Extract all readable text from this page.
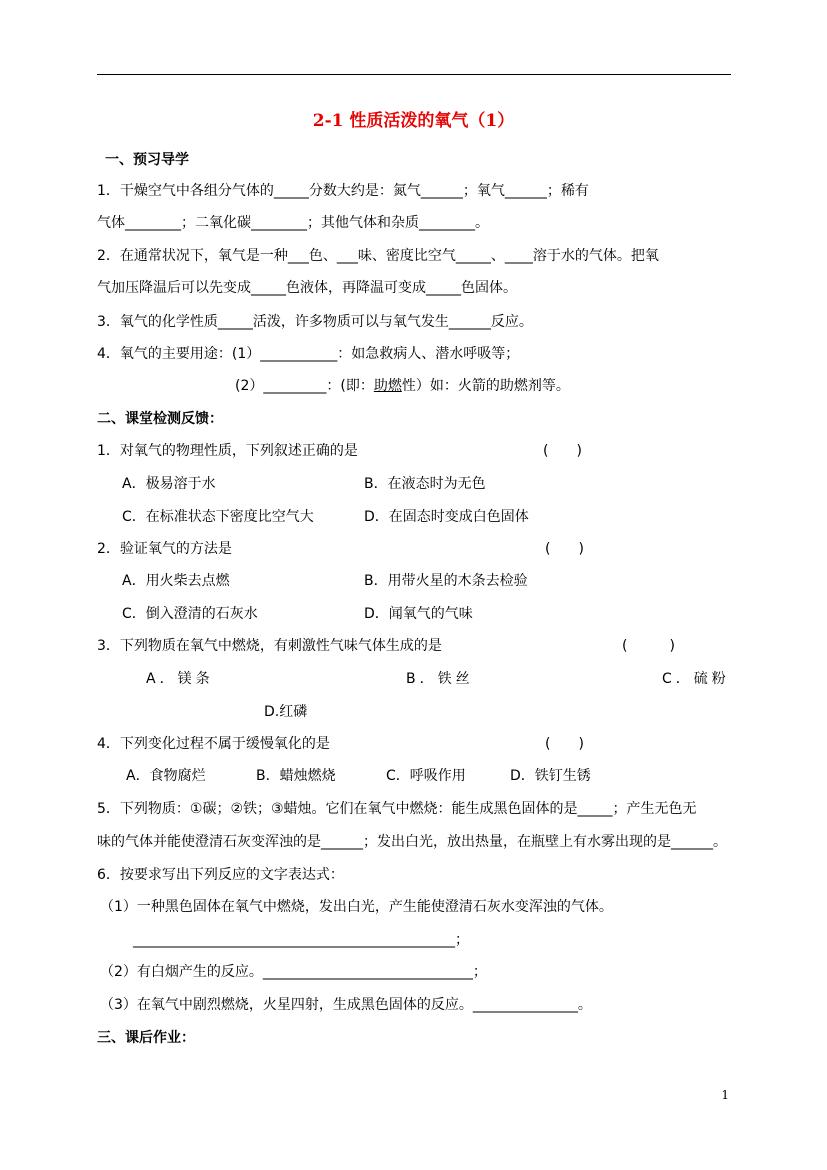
2-1 性质活泼的氧气（1）
一、预习导学
1．干燥空气中各组分气体的_____分数大约是：氮气______；氧气______；稀有
气体________；二氧化碳________；其他气体和杂质________。
2．在通常状况下，氧气是一种___色、___味、密度比空气_____、____溶于水的气体。把氧
气加压降温后可以先变成_____色液体，再降温可变成_____色固体。
3．氧气的化学性质_____活泼，许多物质可以与氧气发生______反应。
4．氧气的主要用途：(1）___________：如急救病人、潜水呼吸等；
(2）_________：(即：助燃性）如：火箭的助燃剂等。
二、课堂检测反馈：
1．对氧气的物理性质，下列叙述正确的是	(　　)
A．极易溶于水	B．在液态时为无色
C．在标准状态下密度比空气大	D．在固态时变成白色固体
2．验证氧气的方法是	(　　)
A．用火柴去点燃	B．用带火星的木条去检验
C．倒入澄清的石灰水	D．闻氧气的气味
3．下列物质在氧气中燃烧，有刺激性气味气体生成的是	(　　　)
A．镁条	B．铁丝	C．硫粉
D.红磷
4．下列变化过程不属于缓慢氧化的是	(　　)
A．食物腐烂	B．蜡烛燃烧	C．呼吸作用	D．铁钉生锈
5．下列物质：①碳；②铁；③蜡烛。它们在氧气中燃烧：能生成黑色固体的是_____；产生无色无
味的气体并能使澄清石灰变浑浊的是______；发出白光，放出热量，在瓶壁上有水雾出现的是______。
6．按要求写出下列反应的文字表达式：
（1）一种黑色固体在氧气中燃烧，发出白光，产生能使澄清石灰水变浑浊的气体。
______________________________________________；
（2）有白烟产生的反应。______________________________；
（3）在氧气中剧烈燃烧，火星四射，生成黑色固体的反应。_______________。
三、课后作业：
1
